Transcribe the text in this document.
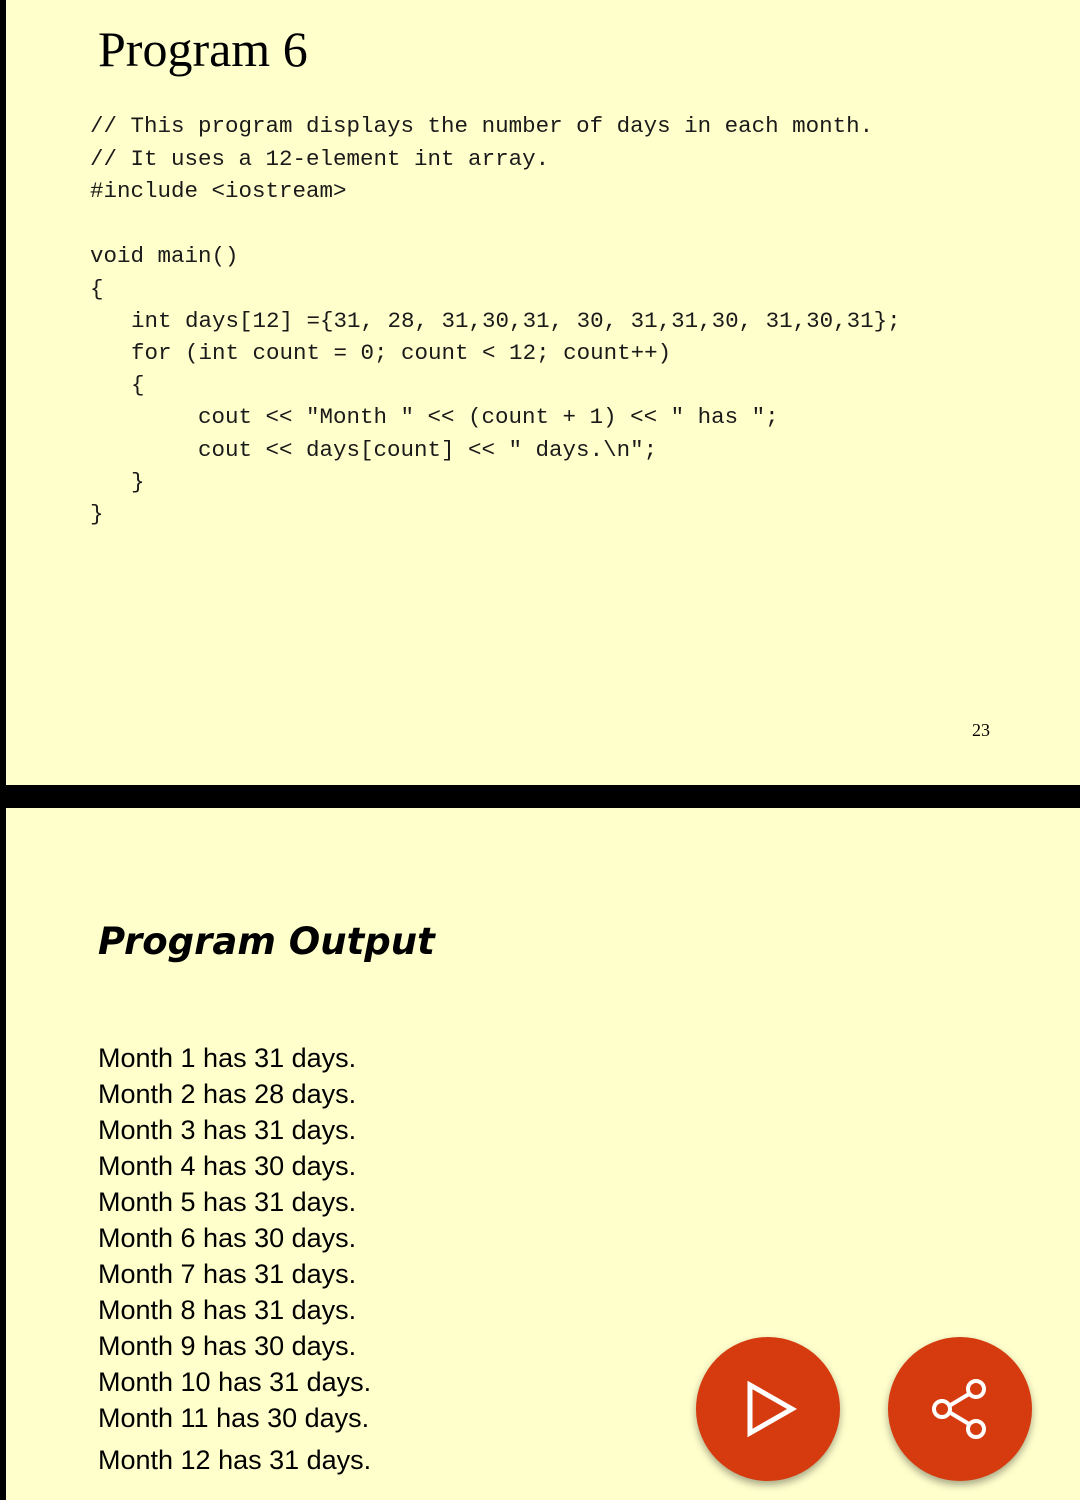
Program 6
// This program displays the number of days in each month.
// It uses a 12-element int array.
#include <iostream>
void main()
{
int days[12] ={31, 28, 31,30,31, 30, 31,31,30, 31,30,31};
for (int count = 0; count < 12; count++)
{
cout << "Month " << (count + 1) << " has ";
cout << days[count] << " days.\n";
}
}
23
Program Output
Month 1 has 31 days.
Month 2 has 28 days.
Month 3 has 31 days.
Month 4 has 30 days.
Month 5 has 31 days.
Month 6 has 30 days.
Month 7 has 31 days.
Month 8 has 31 days.
Month 9 has 30 days.
Month 10 has 31 days.
Month 11 has 30 days.
Month 12 has 31 days.
